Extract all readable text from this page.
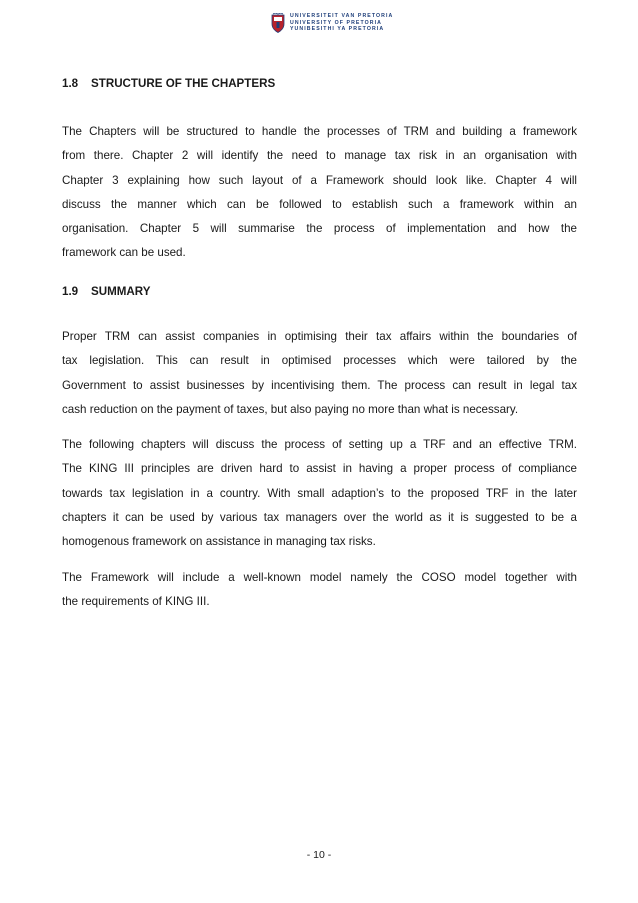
UNIVERSITEIT VAN PRETORIA
UNIVERSITY OF PRETORIA
YUNIBESITHI YA PRETORIA
1.8 STRUCTURE OF THE CHAPTERS
The Chapters will be structured to handle the processes of TRM and building a framework
from there. Chapter 2 will identify the need to manage tax risk in an organisation with
Chapter 3 explaining how such layout of a Framework should look like. Chapter 4 will
discuss the manner which can be followed to establish such a framework within an
organisation. Chapter 5 will summarise the process of implementation and how the
framework can be used.
1.9 SUMMARY
Proper TRM can assist companies in optimising their tax affairs within the boundaries of
tax legislation. This can result in optimised processes which were tailored by the
Government to assist businesses by incentivising them. The process can result in legal tax
cash reduction on the payment of taxes, but also paying no more than what is necessary.
The following chapters will discuss the process of setting up a TRF and an effective TRM.
The KING III principles are driven hard to assist in having a proper process of compliance
towards tax legislation in a country. With small adaption’s to the proposed TRF in the later
chapters it can be used by various tax managers over the world as it is suggested to be a
homogenous framework on assistance in managing tax risks.
The Framework will include a well-known model namely the COSO model together with
the requirements of KING III.
- 10 -
